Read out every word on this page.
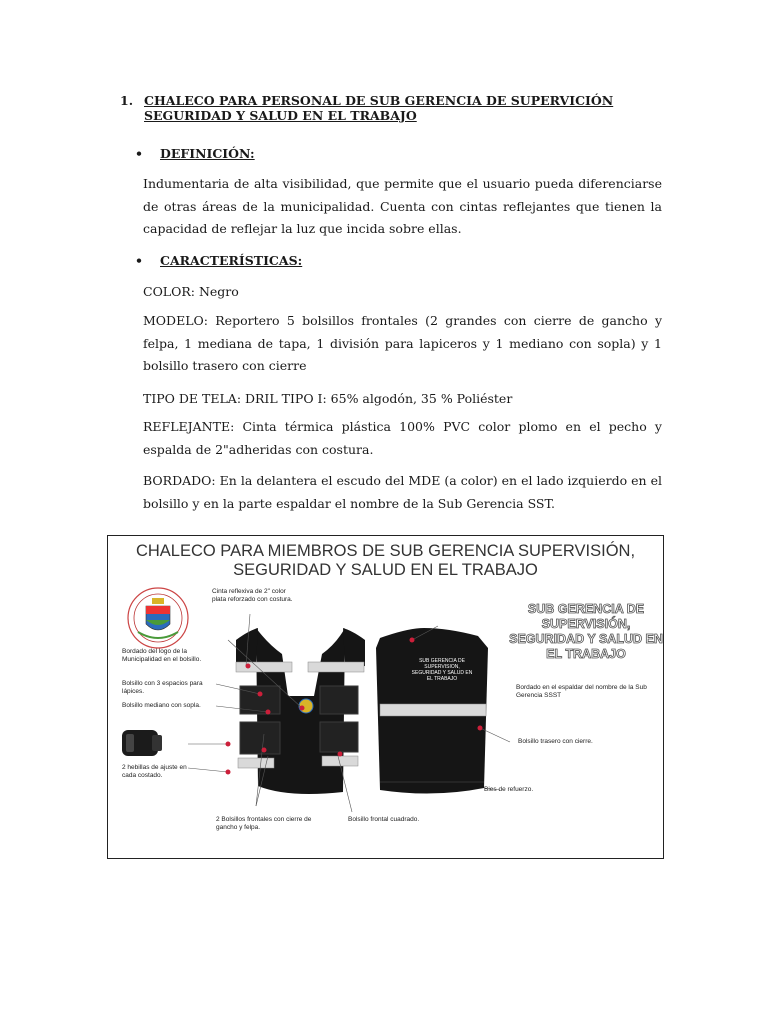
1. CHALECO PARA PERSONAL DE SUB GERENCIA DE SUPERVICIÓN SEGURIDAD Y SALUD EN EL TRABAJO
• DEFINICIÓN:
Indumentaria de alta visibilidad, que permite que el usuario pueda diferenciarse de otras áreas de la municipalidad. Cuenta con cintas reflejantes que tienen la capacidad de reflejar la luz que incida sobre ellas.
• CARACTERÍSTICAS:
COLOR: Negro
MODELO: Reportero 5 bolsillos frontales (2 grandes con cierre de gancho y felpa, 1 mediana de tapa, 1 división para lapiceros y 1 mediano con sopla) y 1 bolsillo trasero con cierre
TIPO DE TELA: DRIL TIPO I: 65% algodón, 35 % Poliéster
REFLEJANTE: Cinta térmica plástica 100% PVC color plomo en el pecho y espalda de 2"adheridas con costura.
BORDADO: En la delantera el escudo del MDE (a color) en el lado izquierdo en el bolsillo y en la parte espaldar el nombre de la Sub Gerencia SST.
CHALECO PARA MIEMBROS DE SUB GERENCIA SUPERVISIÓN,
SEGURIDAD Y SALUD EN EL TRABAJO
Cinta reflexiva de 2" color plata reforzado con costura.
Bordado del logo de la Municipalidad en el bolsillo.
Bolsillo con 3 espacios para lápices.
Bolsillo mediano con sopla.
2 hebillas de ajuste en cada costado.
2 Bolsillos frontales con cierre de gancho y felpa.
Bolsillo frontal cuadrado.
SUB GERENCIA DE SUPERVISION, SEGURIDAD Y SALUD EN EL TRABAJO
SUB GERENCIA DE SUPERVISIÓN, SEGURIDAD Y SALUD EN EL TRABAJO
Bordado en el espaldar del nombre de la Sub Gerencia SSST
Bolsillo trasero con cierre.
Bies de refuerzo.
